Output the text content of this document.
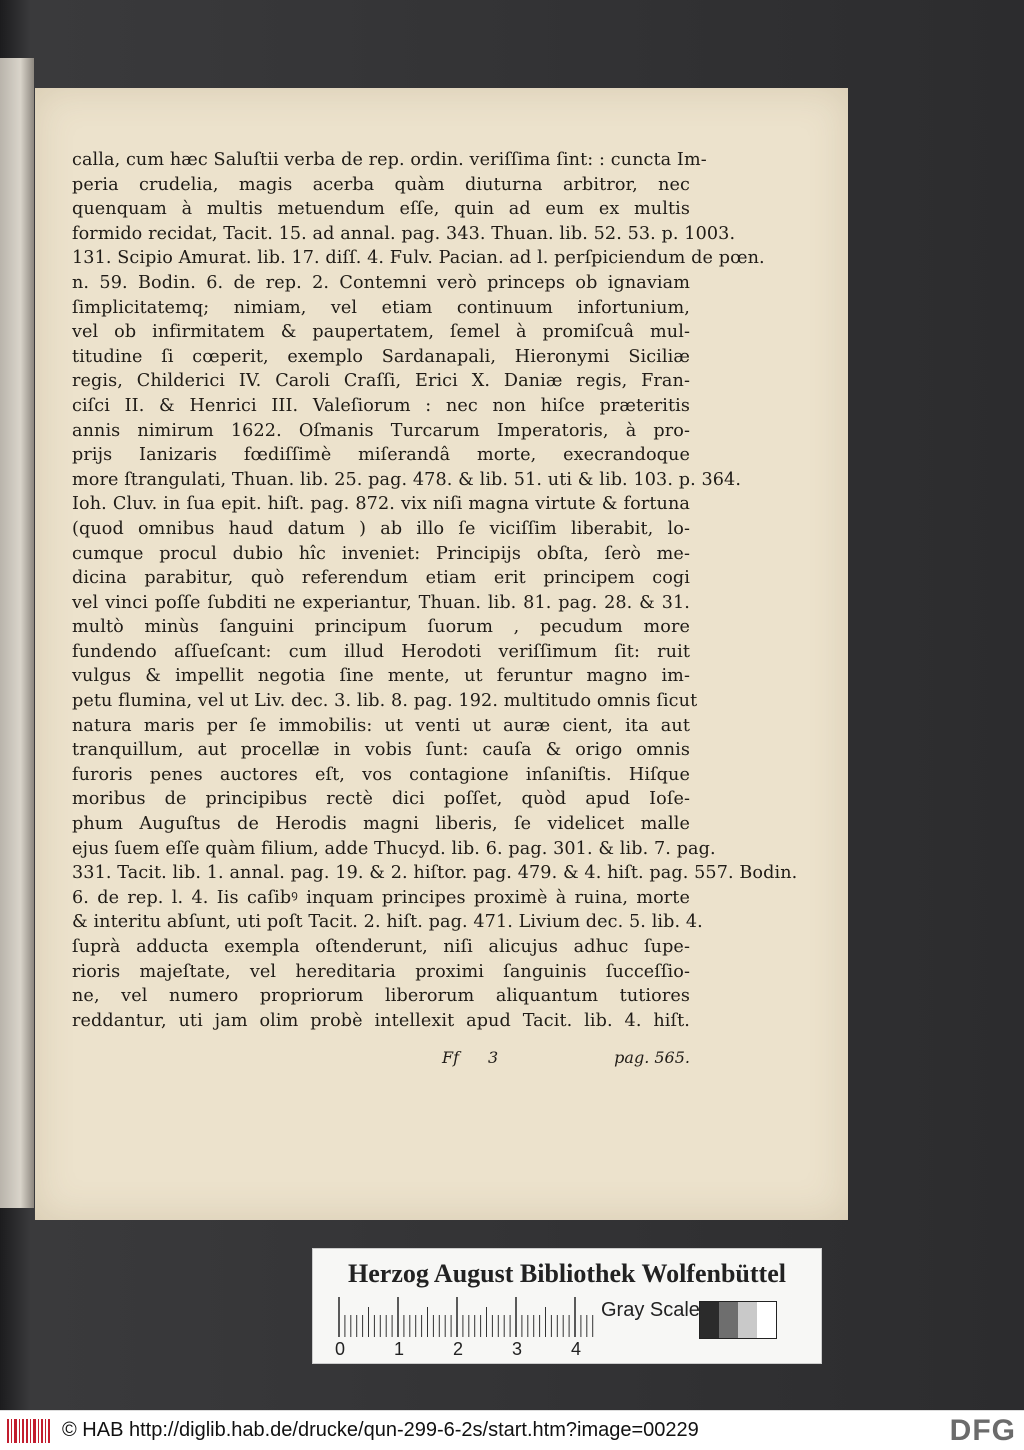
calla, cum hæc Saluſtii verba de rep. ordin. veriſſima ſint: : cuncta Im-
peria crudelia, magis acerba quàm diuturna arbitror, nec
quenquam à multis metuendum eſſe, quin ad eum ex multis
formido recidat, Tacit. 15. ad annal. pag. 343. Thuan. lib. 52. 53. p. 1003.
131. Scipio Amurat. lib. 17. diſſ. 4. Fulv. Pacian. ad l. perſpiciendum de pœn.
n. 59. Bodin. 6. de rep. 2. Contemni verò princeps ob ignaviam
ſimplicitatemq; nimiam, vel etiam continuum infortunium,
vel ob infirmitatem & paupertatem, ſemel à promiſcuâ mul-
titudine ſi cœperit, exemplo Sardanapali, Hieronymi Siciliæ
regis, Childerici IV. Caroli Craſſi, Erici X. Daniæ regis, Fran-
ciſci II. & Henrici III. Valeſiorum : nec non hiſce præteritis
annis nimirum 1622. Oſmanis Turcarum Imperatoris, à pro-
prijs Ianizaris fœdiſſimè miſerandâ morte, execrandoque
more ſtrangulati, Thuan. lib. 25. pag. 478. & lib. 51. uti & lib. 103. p. 364.
Ioh. Cluv. in ſua epit. hiſt. pag. 872. vix niſi magna virtute & fortuna
(quod omnibus haud datum ) ab illo ſe viciſſim liberabit, lo-
cumque procul dubio hîc inveniet: Principijs obſta, ſerò me-
dicina parabitur, quò referendum etiam erit principem cogi
vel vinci poſſe ſubditi ne experiantur, Thuan. lib. 81. pag. 28. & 31.
multò minùs ſanguini principum ſuorum , pecudum more
fundendo aſſueſcant: cum illud Herodoti veriſſimum ſit: ruit
vulgus & impellit negotia ſine mente, ut feruntur magno im-
petu flumina, vel ut Liv. dec. 3. lib. 8. pag. 192. multitudo omnis ſicut
natura maris per ſe immobilis: ut venti ut auræ cient, ita aut
tranquillum, aut procellæ in vobis ſunt: cauſa & origo omnis
furoris penes auctores eſt, vos contagione inſaniſtis. Hiſque
moribus de principibus rectè dici poſſet, quòd apud Ioſe-
phum Auguſtus de Herodis magni liberis, ſe videlicet malle
ejus ſuem eſſe quàm filium, adde Thucyd. lib. 6. pag. 301. & lib. 7. pag.
331. Tacit. lib. 1. annal. pag. 19. & 2. hiſtor. pag. 479. & 4. hiſt. pag. 557. Bodin.
6. de rep. l. 4. Iis caſibꝰ inquam principes proximè à ruina, morte
& interitu abſunt, uti poſt Tacit. 2. hiſt. pag. 471. Livium dec. 5. lib. 4.
ſuprà adducta exempla oſtenderunt, niſi alicujus adhuc ſupe-
rioris majeſtate, vel hereditaria proximi ſanguinis ſucceſſio-
ne, vel numero propriorum liberorum aliquantum tutiores
reddantur, uti jam olim probè intellexit apud Tacit. lib. 4. hiſt.
Ff 3	pag. 565.
Herzog August Bibliothek Wolfenbüttel
0	1	2	3	4
Gray Scale
© HAB http://diglib.hab.de/drucke/qun-299-6-2s/start.htm?image=00229	DFG
